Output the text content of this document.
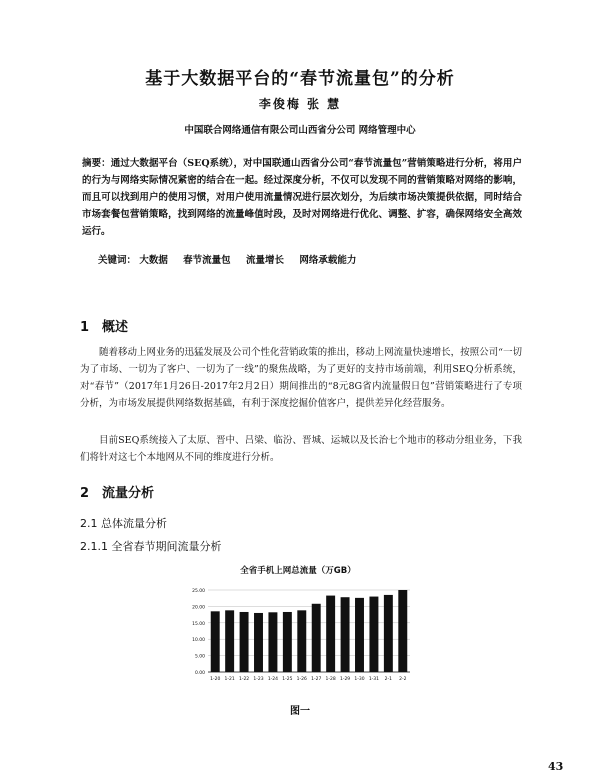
基于大数据平台的“春节流量包”的分析
李俊梅 张 慧
中国联合网络通信有限公司山西省分公司 网络管理中心
摘要：通过大数据平台（SEQ系统），对中国联通山西省分公司“春节流量包”营销策略进行分析，将用户的行为与网络实际情况紧密的结合在一起。经过深度分析，不仅可以发现不同的营销策略对网络的影响，而且可以找到用户的使用习惯，对用户使用流量情况进行层次划分，为后续市场决策提供依据，同时结合市场套餐包营销策略，找到网络的流量峰值时段，及时对网络进行优化、调整、扩容，确保网络安全高效运行。
关键词： 大数据 春节流量包 流量增长 网络承载能力
1 概述
随着移动上网业务的迅猛发展及公司个性化营销政策的推出，移动上网流量快速增长，按照公司“一切为了市场、一切为了客户、一切为了一线”的聚焦战略，为了更好的支持市场前端，利用SEQ分析系统，对“春节”（2017年1月26日-2017年2月2日）期间推出的“8元8G省内流量假日包”营销策略进行了专项分析，为市场发展提供网络数据基础，有利于深度挖掘价值客户，提供差异化经营服务。
目前SEQ系统接入了太原、晋中、吕梁、临汾、晋城、运城以及长治七个地市的移动分组业务，下我们将针对这七个本地网从不同的维度进行分析。
2 流量分析
2.1 总体流量分析
2.1.1 全省春节期间流量分析
全省手机上网总流量（万GB）
0.00
5.00
10.00
15.00
20.00
25.00
1-20 1-21 1-22 1-23 1-24 1-25 1-26 1-27 1-28 1-29 1-30 1-31 2-1 2-2
图一
43
